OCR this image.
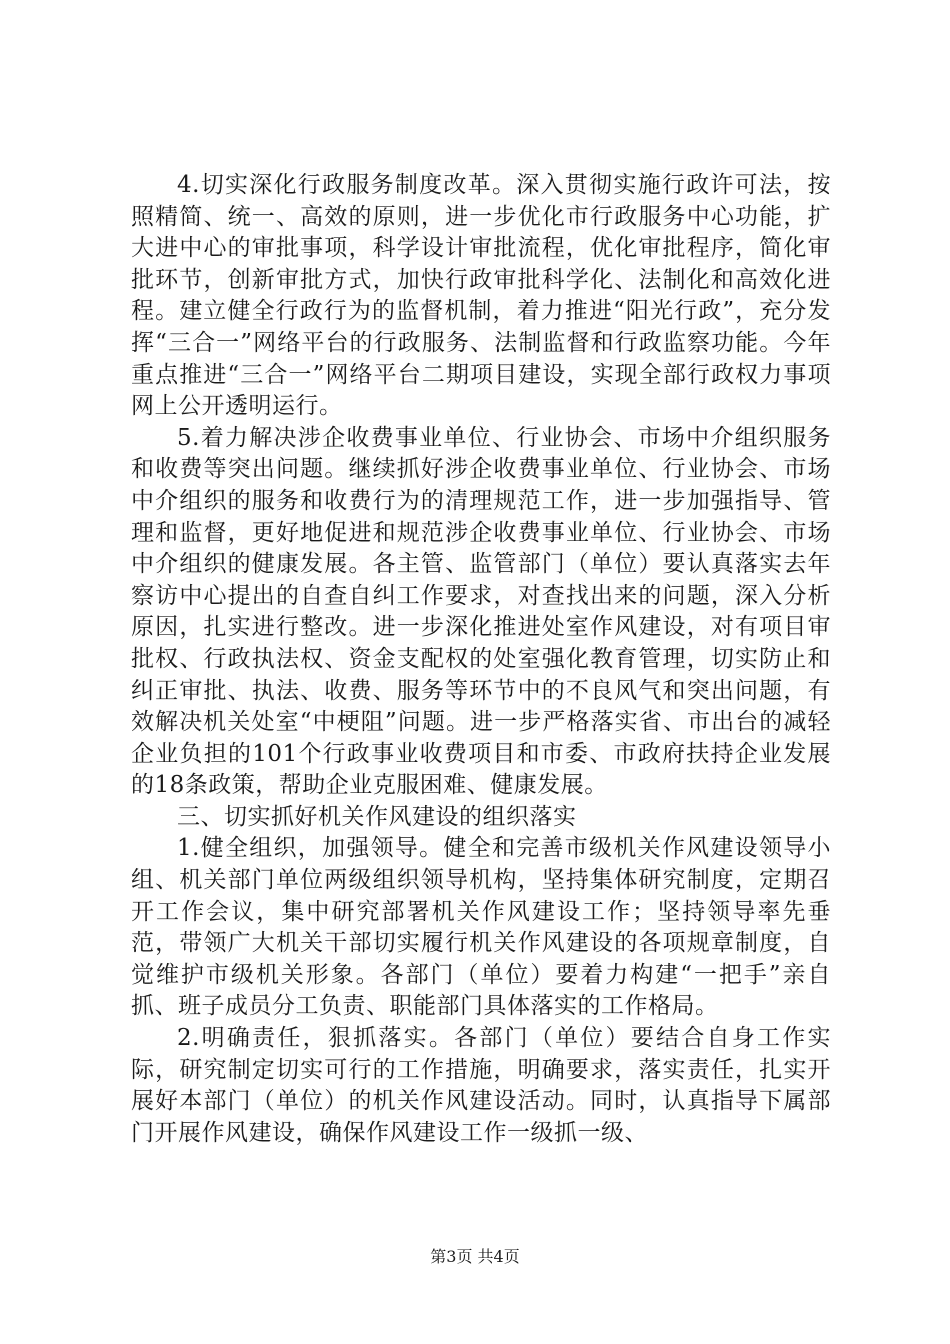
4.切实深化行政服务制度改革。深入贯彻实施行政许可法，按照精简、统一、高效的原则，进一步优化市行政服务中心功能，扩大进中心的审批事项，科学设计审批流程，优化审批程序，简化审批环节，创新审批方式，加快行政审批科学化、法制化和高效化进程。建立健全行政行为的监督机制，着力推进“阳光行政”，充分发挥“三合一”网络平台的行政服务、法制监督和行政监察功能。今年重点推进“三合一”网络平台二期项目建设，实现全部行政权力事项网上公开透明运行。

5.着力解决涉企收费事业单位、行业协会、市场中介组织服务和收费等突出问题。继续抓好涉企收费事业单位、行业协会、市场中介组织的服务和收费行为的清理规范工作，进一步加强指导、管理和监督，更好地促进和规范涉企收费事业单位、行业协会、市场中介组织的健康发展。各主管、监管部门（单位）要认真落实去年察访中心提出的自查自纠工作要求，对查找出来的问题，深入分析原因，扎实进行整改。进一步深化推进处室作风建设，对有项目审批权、行政执法权、资金支配权的处室强化教育管理，切实防止和纠正审批、执法、收费、服务等环节中的不良风气和突出问题，有效解决机关处室“中梗阻”问题。进一步严格落实省、市出台的减轻企业负担的101个行政事业收费项目和市委、市政府扶持企业发展的18条政策，帮助企业克服困难、健康发展。

三、切实抓好机关作风建设的组织落实

1.健全组织，加强领导。健全和完善市级机关作风建设领导小组、机关部门单位两级组织领导机构，坚持集体研究制度，定期召开工作会议，集中研究部署机关作风建设工作；坚持领导率先垂范，带领广大机关干部切实履行机关作风建设的各项规章制度，自觉维护市级机关形象。各部门（单位）要着力构建“一把手”亲自抓、班子成员分工负责、职能部门具体落实的工作格局。

2.明确责任，狠抓落实。各部门（单位）要结合自身工作实际，研究制定切实可行的工作措施，明确要求，落实责任，扎实开展好本部门（单位）的机关作风建设活动。同时，认真指导下属部门开展作风建设，确保作风建设工作一级抓一级、

第3页 共4页
